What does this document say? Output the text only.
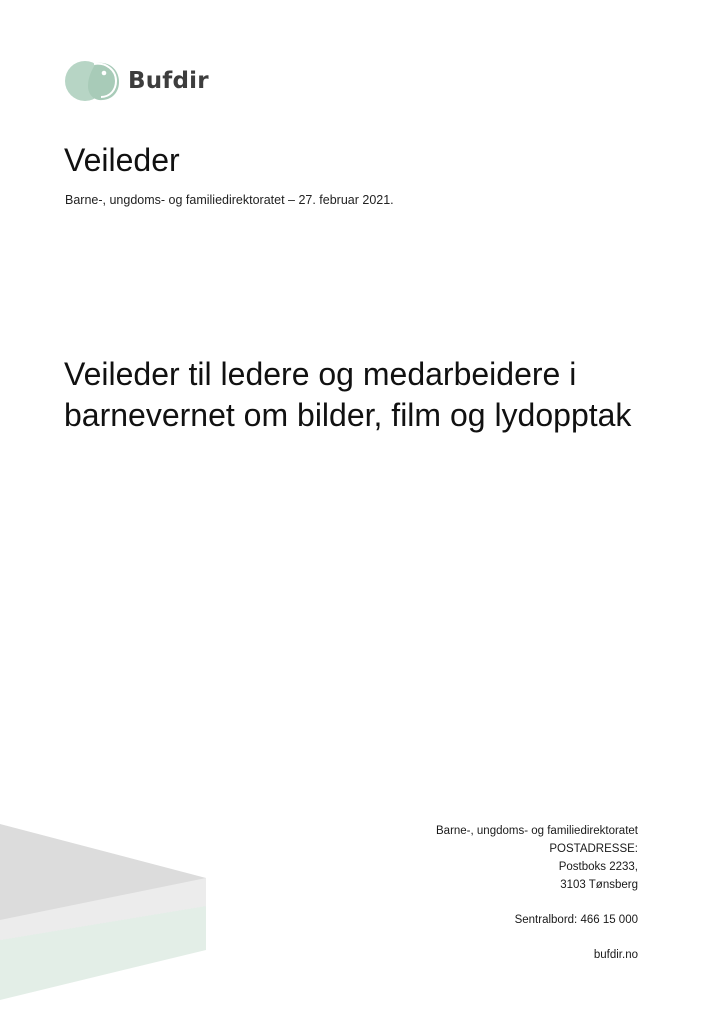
Bufdir
Veileder

Barne-, ungdoms- og familiedirektoratet – 27. februar 2021.

Veileder til ledere og medarbeidere i barnevernet om bilder, film og lydopptak
Barne-, ungdoms- og familiedirektoratet
POSTADRESSE:
Postboks 2233,
3103 Tønsberg
Sentralbord: 466 15 000
bufdir.no
